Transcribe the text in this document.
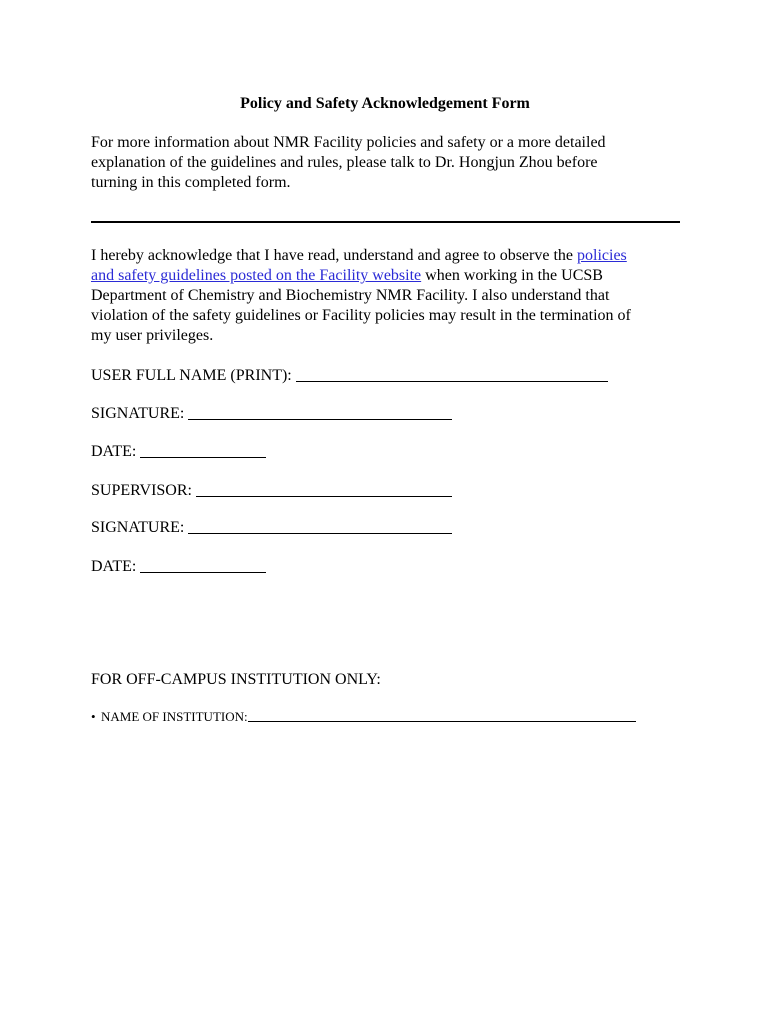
Policy and Safety Acknowledgement Form
For more information about NMR Facility policies and safety or a more detailed
explanation of the guidelines and rules, please talk to Dr. Hongjun Zhou before
turning in this completed form.
I hereby acknowledge that I have read, understand and agree to observe the policies
and safety guidelines posted on the Facility website when working in the UCSB
Department of Chemistry and Biochemistry NMR Facility. I also understand that
violation of the safety guidelines or Facility policies may result in the termination of
my user privileges.
USER FULL NAME (PRINT):
SIGNATURE:
DATE:
SUPERVISOR:
SIGNATURE:
DATE:
FOR OFF-CAMPUS INSTITUTION ONLY:
• NAME OF INSTITUTION:
